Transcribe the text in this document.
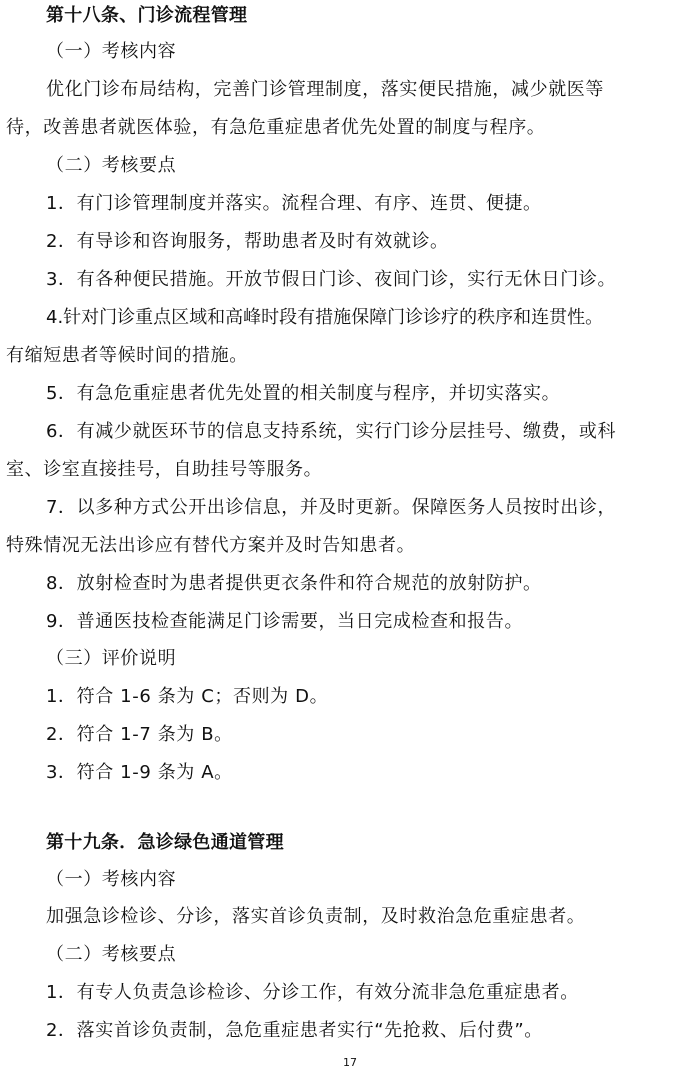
第十八条、门诊流程管理
（一）考核内容
优化门诊布局结构，完善门诊管理制度，落实便民措施，减少就医等
待，改善患者就医体验，有急危重症患者优先处置的制度与程序。
（二）考核要点
1．有门诊管理制度并落实。流程合理、有序、连贯、便捷。
2．有导诊和咨询服务，帮助患者及时有效就诊。
3．有各种便民措施。开放节假日门诊、夜间门诊，实行无休日门诊。
4.针对门诊重点区域和高峰时段有措施保障门诊诊疗的秩序和连贯性。
有缩短患者等候时间的措施。
5．有急危重症患者优先处置的相关制度与程序，并切实落实。
6．有减少就医环节的信息支持系统，实行门诊分层挂号、缴费，或科
室、诊室直接挂号，自助挂号等服务。
7．以多种方式公开出诊信息，并及时更新。保障医务人员按时出诊，
特殊情况无法出诊应有替代方案并及时告知患者。
8．放射检查时为患者提供更衣条件和符合规范的放射防护。
9．普通医技检查能满足门诊需要，当日完成检查和报告。
（三）评价说明
1．符合 1-6 条为 C；否则为 D。
2．符合 1-7 条为 B。
3．符合 1-9 条为 A。
第十九条．急诊绿色通道管理
（一）考核内容
加强急诊检诊、分诊，落实首诊负责制，及时救治急危重症患者。
（二）考核要点
1．有专人负责急诊检诊、分诊工作，有效分流非急危重症患者。
2．落实首诊负责制，急危重症患者实行“先抢救、后付费”。
17
